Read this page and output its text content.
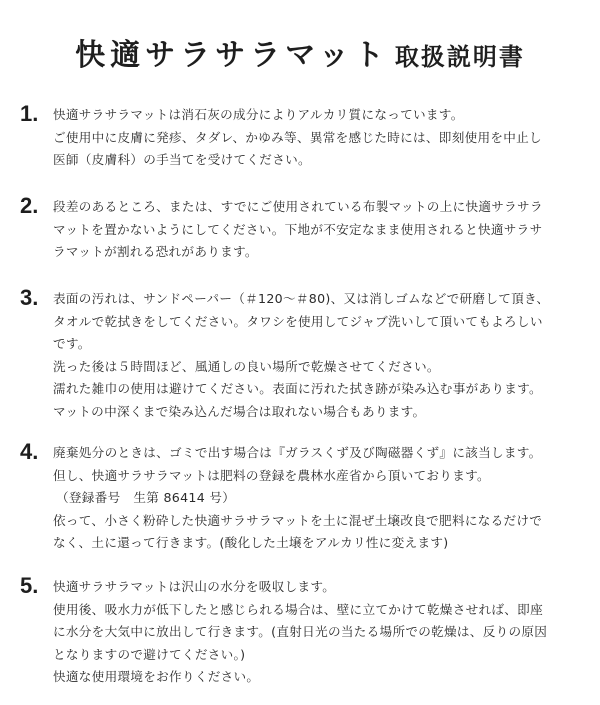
快適サラサラマット 取扱説明書
1. 快適サラサラマットは消石灰の成分によりアルカリ質になっています。
ご使用中に皮膚に発疹、タダレ、かゆみ等、異常を感じた時には、即刻使用を中止し
医師（皮膚科）の手当てを受けてください。
2. 段差のあるところ、または、すでにご使用されている布製マットの上に快適サラサラ
マットを置かないようにしてください。下地が不安定なまま使用されると快適サラサ
ラマットが割れる恐れがあります。
3. 表面の汚れは、サンドペーパー（＃120～＃80)、又は消しゴムなどで研磨して頂き、
タオルで乾拭きをしてください。タワシを使用してジャブ洗いして頂いてもよろしい
です。
洗った後は５時間ほど、風通しの良い場所で乾燥させてください。
濡れた雑巾の使用は避けてください。表面に汚れた拭き跡が染み込む事があります。
マットの中深くまで染み込んだ場合は取れない場合もあります。
4. 廃棄処分のときは、ゴミで出す場合は『ガラスくず及び陶磁器くず』に該当します。
但し、快適サラサラマットは肥料の登録を農林水産省から頂いております。
（登録番号　生第 86414 号）
依って、小さく粉砕した快適サラサラマットを土に混ぜ土壌改良で肥料になるだけで
なく、土に還って行きます。(酸化した土壌をアルカリ性に変えます)
5. 快適サラサラマットは沢山の水分を吸収します。
使用後、吸水力が低下したと感じられる場合は、壁に立てかけて乾燥させれば、即座
に水分を大気中に放出して行きます。(直射日光の当たる場所での乾燥は、反りの原因
となりますので避けてください。)
快適な使用環境をお作りください。
